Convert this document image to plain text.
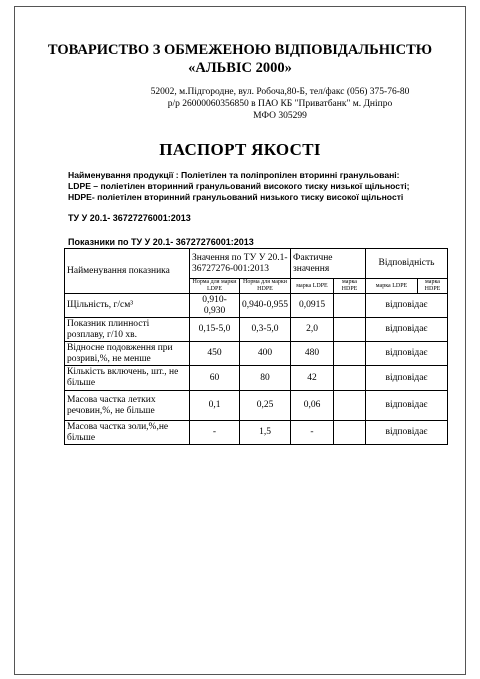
ТОВАРИСТВО З ОБМЕЖЕНОЮ ВІДПОВІДАЛЬНІСТЮ
«АЛЬВІС 2000»
52002, м.Підгородне, вул. Робоча,80-Б, тел/факс (056) 375-76-80
р/р 26000060356850 в ПАО КБ "Приватбанк" м. Дніпро
МФО 305299
ПАСПОРТ ЯКОСТІ
Найменування продукції : Поліетілен та поліпропілен вторинні гранульовані:
LDPE – поліетілен вторинний гранульований високого тиску низької щільності;
HDPE- поліетілен вторинний гранульований низького тиску високої щільності
ТУ У 20.1- 36727276001:2013
Показники по ТУ У 20.1- 36727276001:2013
Найменування показника	Значення по ТУ У 20.1- 36727276-001:2013		Фактичне значення		Відповідність	
	Норма для марки LDPE	Норма для марки HDPE	марка LDPE	марка HDPE	марка LDPE	марка HDPE
Щільність, г/см³	0,910-0,930	0,940-0,955	0,0915		відповідає	
Показник плинності розплаву, г/10 хв.	0,15-5,0	0,3-5,0	2,0		відповідає	
Відносне подовження при розриві,%, не менше	450	400	480		відповідає	
Кількість включень, шт., не більше	60	80	42		відповідає	
Масова частка летких речовин,%, не більше	0,1	0,25	0,06		відповідає	
Масова частка золи,%,не більше	-	1,5	-		відповідає	
